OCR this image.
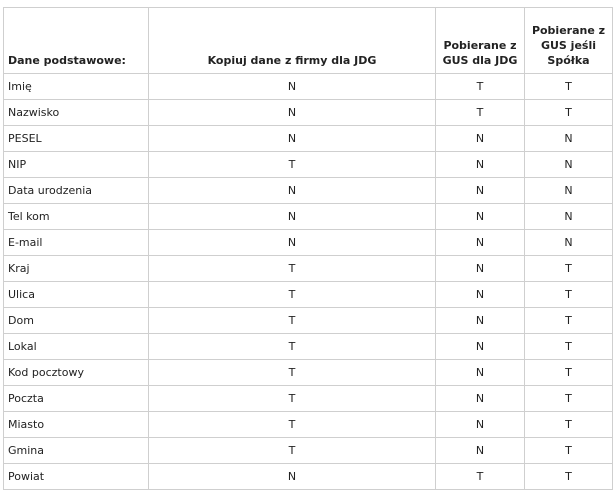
Dane podstawowe:	Kopiuj dane z firmy dla JDG	Pobierane z GUS dla JDG	Pobierane z GUS jeśli Spółka
Imię	N	T	T
Nazwisko	N	T	T
PESEL	N	N	N
NIP	T	N	N
Data urodzenia	N	N	N
Tel kom	N	N	N
E-mail	N	N	N
Kraj	T	N	T
Ulica	T	N	T
Dom	T	N	T
Lokal	T	N	T
Kod pocztowy	T	N	T
Poczta	T	N	T
Miasto	T	N	T
Gmina	T	N	T
Powiat	N	T	T
